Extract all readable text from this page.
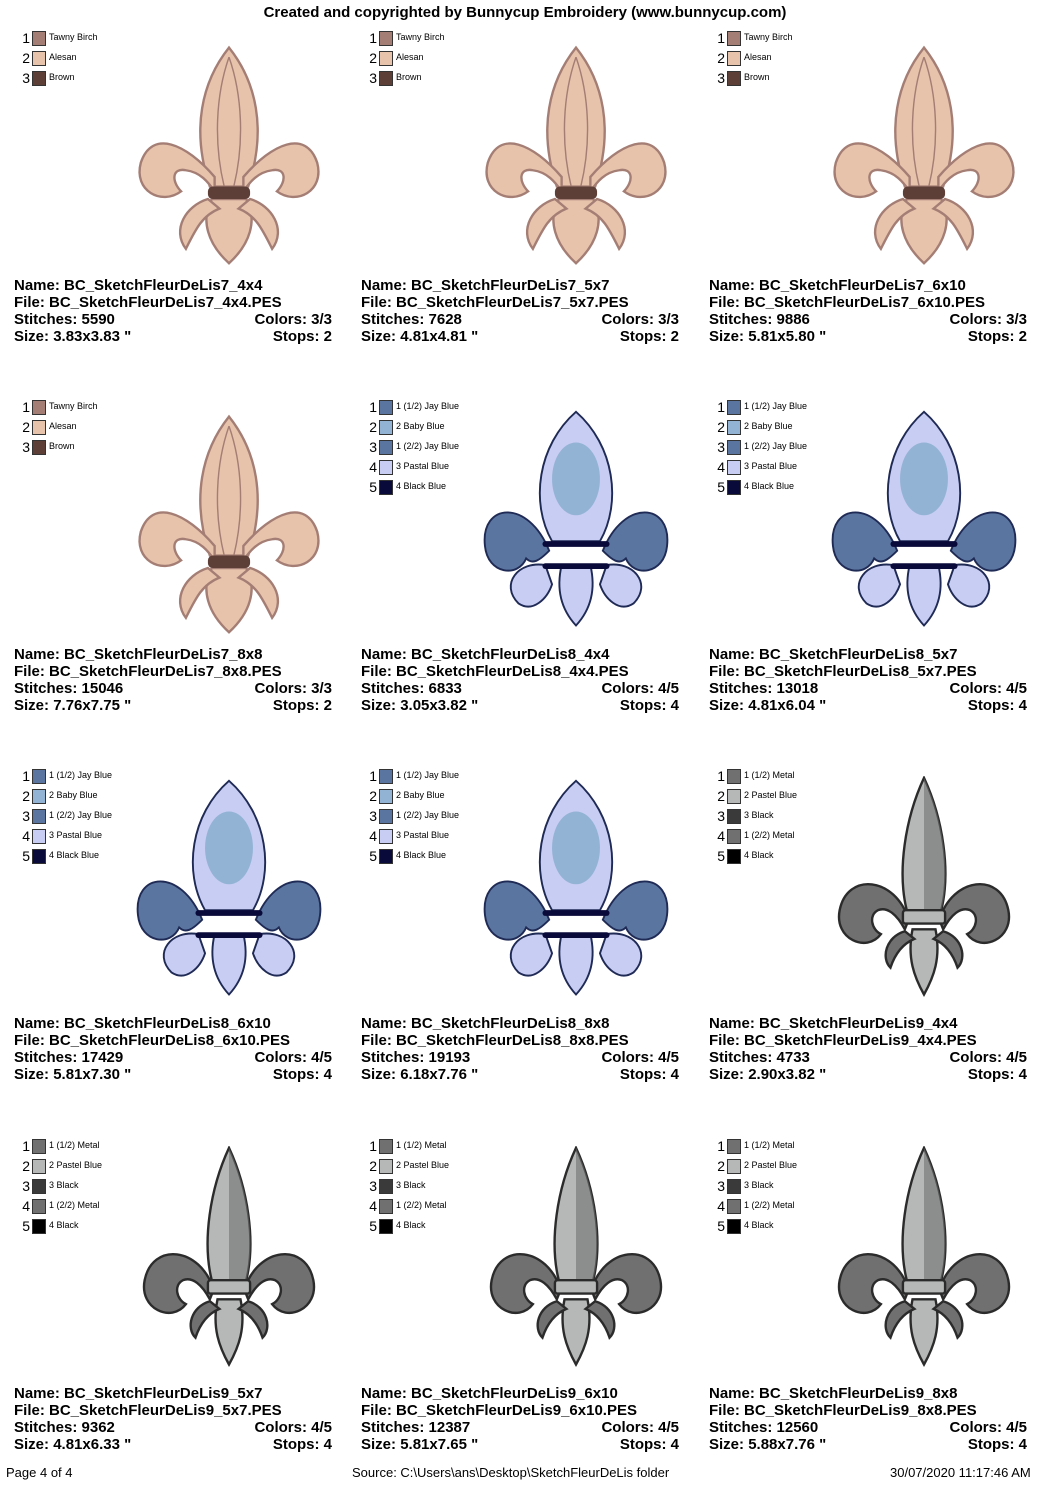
Created and copyrighted by Bunnycup Embroidery (www.bunnycup.com)
1 Tawny Birch
2 Alesan
3 Brown
Name: BC_SketchFleurDeLis7_4x4
File: BC_SketchFleurDeLis7_4x4.PES
Stitches: 5590	Colors: 3/3
Size: 3.83x3.83 "	Stops: 2
1 Tawny Birch
2 Alesan
3 Brown
Name: BC_SketchFleurDeLis7_5x7
File: BC_SketchFleurDeLis7_5x7.PES
Stitches: 7628	Colors: 3/3
Size: 4.81x4.81 "	Stops: 2
1 Tawny Birch
2 Alesan
3 Brown
Name: BC_SketchFleurDeLis7_6x10
File: BC_SketchFleurDeLis7_6x10.PES
Stitches: 9886	Colors: 3/3
Size: 5.81x5.80 "	Stops: 2
1 Tawny Birch
2 Alesan
3 Brown
Name: BC_SketchFleurDeLis7_8x8
File: BC_SketchFleurDeLis7_8x8.PES
Stitches: 15046	Colors: 3/3
Size: 7.76x7.75 "	Stops: 2
1 1 (1/2) Jay Blue
2 2 Baby Blue
3 1 (2/2) Jay Blue
4 3 Pastal Blue
5 4 Black Blue
Name: BC_SketchFleurDeLis8_4x4
File: BC_SketchFleurDeLis8_4x4.PES
Stitches: 6833	Colors: 4/5
Size: 3.05x3.82 "	Stops: 4
1 1 (1/2) Jay Blue
2 2 Baby Blue
3 1 (2/2) Jay Blue
4 3 Pastal Blue
5 4 Black Blue
Name: BC_SketchFleurDeLis8_5x7
File: BC_SketchFleurDeLis8_5x7.PES
Stitches: 13018	Colors: 4/5
Size: 4.81x6.04 "	Stops: 4
1 1 (1/2) Jay Blue
2 2 Baby Blue
3 1 (2/2) Jay Blue
4 3 Pastal Blue
5 4 Black Blue
Name: BC_SketchFleurDeLis8_6x10
File: BC_SketchFleurDeLis8_6x10.PES
Stitches: 17429	Colors: 4/5
Size: 5.81x7.30 "	Stops: 4
1 1 (1/2) Jay Blue
2 2 Baby Blue
3 1 (2/2) Jay Blue
4 3 Pastal Blue
5 4 Black Blue
Name: BC_SketchFleurDeLis8_8x8
File: BC_SketchFleurDeLis8_8x8.PES
Stitches: 19193	Colors: 4/5
Size: 6.18x7.76 "	Stops: 4
1 1 (1/2) Metal
2 2 Pastel Blue
3 3 Black
4 1 (2/2) Metal
5 4 Black
Name: BC_SketchFleurDeLis9_4x4
File: BC_SketchFleurDeLis9_4x4.PES
Stitches: 4733	Colors: 4/5
Size: 2.90x3.82 "	Stops: 4
1 1 (1/2) Metal
2 2 Pastel Blue
3 3 Black
4 1 (2/2) Metal
5 4 Black
Name: BC_SketchFleurDeLis9_5x7
File: BC_SketchFleurDeLis9_5x7.PES
Stitches: 9362	Colors: 4/5
Size: 4.81x6.33 "	Stops: 4
1 1 (1/2) Metal
2 2 Pastel Blue
3 3 Black
4 1 (2/2) Metal
5 4 Black
Name: BC_SketchFleurDeLis9_6x10
File: BC_SketchFleurDeLis9_6x10.PES
Stitches: 12387	Colors: 4/5
Size: 5.81x7.65 "	Stops: 4
1 1 (1/2) Metal
2 2 Pastel Blue
3 3 Black
4 1 (2/2) Metal
5 4 Black
Name: BC_SketchFleurDeLis9_8x8
File: BC_SketchFleurDeLis9_8x8.PES
Stitches: 12560	Colors: 4/5
Size: 5.88x7.76 "	Stops: 4
Page 4 of 4	Source: C:\Users\ans\Desktop\SketchFleurDeLis folder	30/07/2020 11:17:46 AM
